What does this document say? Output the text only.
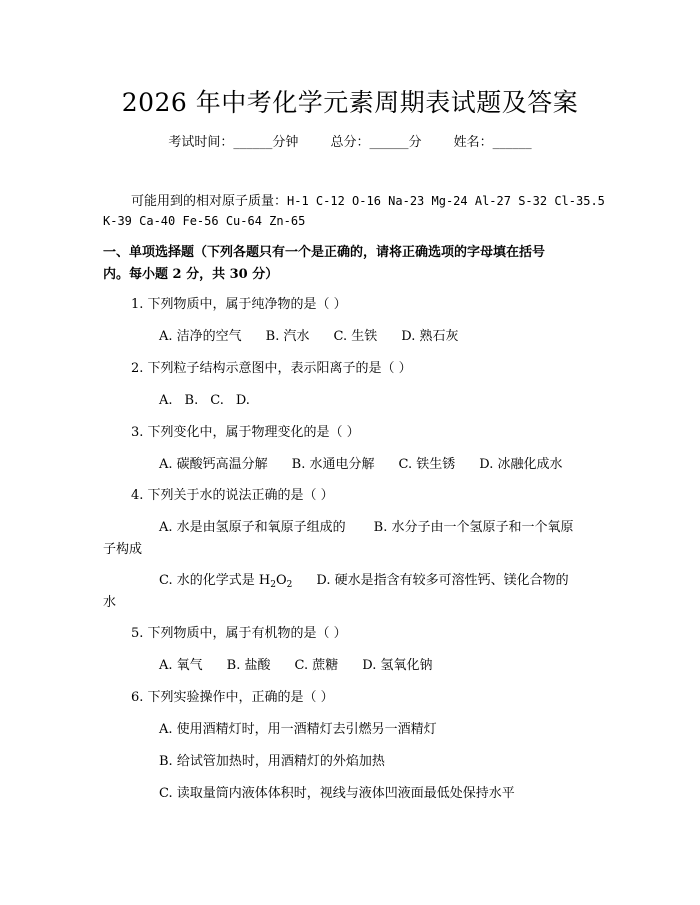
2026 年中考化学元素周期表试题及答案
考试时间：______分钟 总分：______分 姓名：______
可能用到的相对原子质量：H-1 C-12 O-16 Na-23 Mg-24 Al-27 S-32 Cl-35.5
K-39 Ca-40 Fe-56 Cu-64 Zn-65
一、单项选择题（下列各题只有一个是正确的，请将正确选项的字母填在括号
内。每小题 2 分，共 30 分）
1. 下列物质中，属于纯净物的是（ ）
A. 洁净的空气 B. 汽水 C. 生铁 D. 熟石灰
2. 下列粒子结构示意图中，表示阳离子的是（ ）
A. B. C. D.
3. 下列变化中，属于物理变化的是（ ）
A. 碳酸钙高温分解 B. 水通电分解 C. 铁生锈 D. 冰融化成水
4. 下列关于水的说法正确的是（ ）
A. 水是由氢原子和氧原子组成的 B. 水分子由一个氢原子和一个氧原
子构成
C. 水的化学式是 $H_2O_2$ D. 硬水是指含有较多可溶性钙、镁化合物的
水
5. 下列物质中，属于有机物的是（ ）
A. 氧气 B. 盐酸 C. 蔗糖 D. 氢氧化钠
6. 下列实验操作中，正确的是（ ）
A. 使用酒精灯时，用一酒精灯去引燃另一酒精灯
B. 给试管加热时，用酒精灯的外焰加热
C. 读取量筒内液体体积时，视线与液体凹液面最低处保持水平
